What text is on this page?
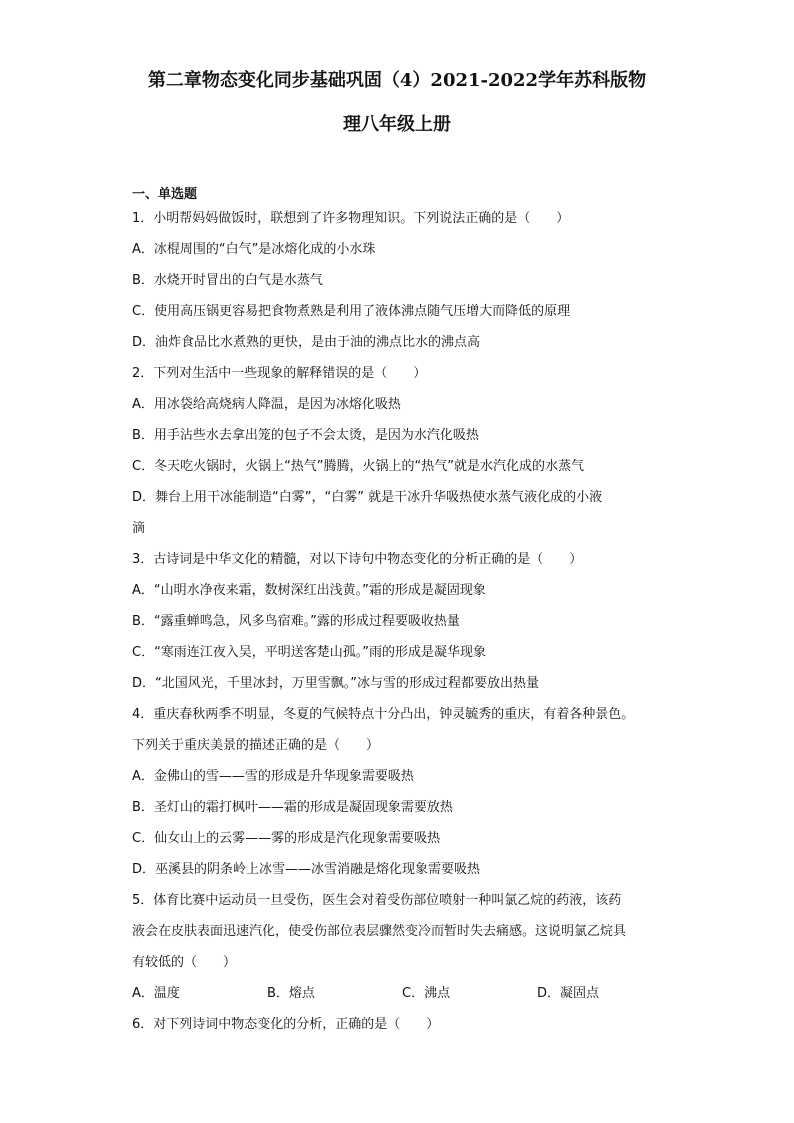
第二章物态变化同步基础巩固（4）2021-2022学年苏科版物
理八年级上册
一、单选题
1．小明帮妈妈做饭时，联想到了许多物理知识。下列说法正确的是（　　）
A．冰棍周围的“白气”是冰熔化成的小水珠
B．水烧开时冒出的白气是水蒸气
C．使用高压锅更容易把食物煮熟是利用了液体沸点随气压增大而降低的原理
D．油炸食品比水煮熟的更快，是由于油的沸点比水的沸点高
2．下列对生活中一些现象的解释错误的是（　　）
A．用冰袋给高烧病人降温，是因为冰熔化吸热
B．用手沾些水去拿出笼的包子不会太烫，是因为水汽化吸热
C．冬天吃火锅时，火锅上“热气”腾腾，火锅上的“热气”就是水汽化成的水蒸气
D．舞台上用干冰能制造“白雾”，“白雾” 就是干冰升华吸热使水蒸气液化成的小液
滴
3．古诗词是中华文化的精髓，对以下诗句中物态变化的分析正确的是（　　）
A．“山明水净夜来霜，数树深红出浅黄。”霜的形成是凝固现象
B．“露重蝉鸣急，风多鸟宿难。”露的形成过程要吸收热量
C．“寒雨连江夜入吴，平明送客楚山孤。”雨的形成是凝华现象
D．“北国风光，千里冰封，万里雪飘。”冰与雪的形成过程都要放出热量
4．重庆春秋两季不明显，冬夏的气候特点十分凸出，钟灵毓秀的重庆，有着各种景色。
下列关于重庆美景的描述正确的是（　　）
A．金佛山的雪——雪的形成是升华现象需要吸热
B．圣灯山的霜打枫叶——霜的形成是凝固现象需要放热
C．仙女山上的云雾——雾的形成是汽化现象需要吸热
D．巫溪县的阴条岭上冰雪——冰雪消融是熔化现象需要吸热
5．体育比赛中运动员一旦受伤，医生会对着受伤部位喷射一种叫氯乙烷的药液，该药
液会在皮肤表面迅速汽化，使受伤部位表层骤然变冷而暂时失去痛感。这说明氯乙烷具
有较低的（　　）
A．温度	B．熔点	C．沸点	D．凝固点
6．对下列诗词中物态变化的分析，正确的是（　　）
